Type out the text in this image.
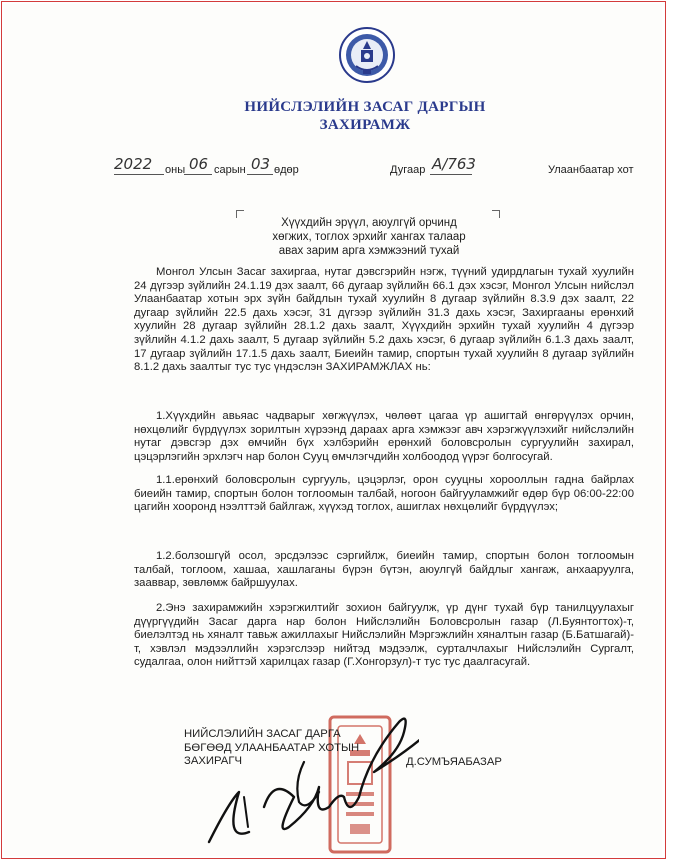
НИЙСЛЭЛИЙН ЗАСАГ ДАРГЫН
ЗАХИРАМЖ
2022 оны 06 сарын 03 өдөр	Дугаар А/763	Улаанбаатар хот
Хүүхдийн эрүүл, аюулгүй орчинд
хөгжих, тоглох эрхийг хангах талаар
авах зарим арга хэмжээний тухай

Монгол Улсын Засаг захиргаа, нутаг дэвсгэрийн нэгж, түүний удирдлагын тухай хуулийн 24 дүгээр зүйлийн 24.1.19 дэх заалт, 66 дугаар зүйлийн 66.1 дэх хэсэг, Монгол Улсын нийслэл Улаанбаатар хотын эрх зүйн байдлын тухай хуулийн 8 дугаар зүйлийн 8.3.9 дэх заалт, 22 дугаар зүйлийн 22.5 дахь хэсэг, 31 дүгээр зүйлийн 31.3 дахь хэсэг, Захиргааны ерөнхий хуулийн 28 дугаар зүйлийн 28.1.2 дахь заалт, Хүүхдийн эрхийн тухай хуулийн 4 дүгээр зүйлийн 4.1.2 дахь заалт, 5 дугаар зүйлийн 5.2 дахь хэсэг, 6 дугаар зүйлийн 6.1.3 дахь заалт, 17 дугаар зүйлийн 17.1.5 дахь заалт, Биеийн тамир, спортын тухай хуулийн 8 дугаар зүйлийн 8.1.2 дахь заалтыг тус тус үндэслэн ЗАХИРАМЖЛАХ нь:

1.Хүүхдийн авьяас чадварыг хөгжүүлэх, чөлөөт цагаа үр ашигтай өнгөрүүлэх орчин, нөхцөлийг бүрдүүлэх зорилтын хүрээнд дараах арга хэмжээг авч хэрэгжүүлэхийг нийслэлийн нутаг дэвсгэр дэх өмчийн бүх хэлбэрийн ерөнхий боловсролын сургуулийн захирал, цэцэрлэгийн эрхлэгч нар болон Сууц өмчлэгчдийн холбоодод үүрэг болгосугай.

1.1.ерөнхий боловсролын сургууль, цэцэрлэг, орон сууцны хорооллын гадна байрлах биеийн тамир, спортын болон тоглоомын талбай, ногоон байгууламжийг өдөр бүр 06:00-22:00 цагийн хооронд нээлттэй байлгаж, хүүхэд тоглох, ашиглах нөхцөлийг бүрдүүлэх;

1.2.болзошгүй осол, эрсдэлээс сэргийлж, биеийн тамир, спортын болон тоглоомын талбай, тоглоом, хашаа, хашлаганы бүрэн бүтэн, аюулгүй байдлыг хангаж, анхааруулга, зааввар, зөвлөмж байршуулах.

2.Энэ захирамжийн хэрэгжилтийг зохион байгуулж, үр дүнг тухай бүр танилцуулахыг дүүргүүдийн Засаг дарга нар болон Нийслэлийн Боловсролын газар (Л.Буянтогтох)-т, биелэлтэд нь хяналт тавьж ажиллахыг Нийслэлийн Мэргэжлийн хяналтын газар (Б.Батшагай)-т, хэвлэл мэдээллийн хэрэгслээр нийтэд мэдээлж, сурталчлахыг Нийслэлийн Сургалт, судалгаа, олон нийттэй харилцах газар (Г.Хонгорзул)-т тус тус даалгасугай.

НИЙСЛЭЛИЙН ЗАСАГ ДАРГА
БӨГӨӨД УЛААНБААТАР ХОТЫН
ЗАХИРАГЧ	Д.СУМЪЯАБАЗАР
